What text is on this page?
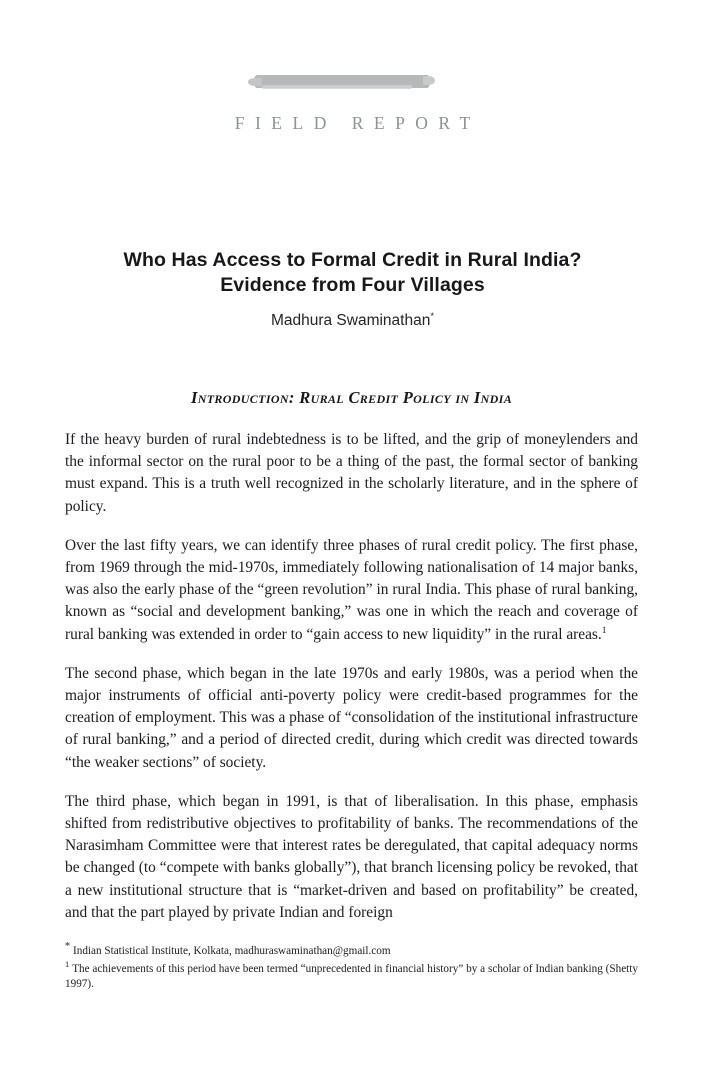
FIELD REPORT
Who Has Access to Formal Credit in Rural India?
Evidence from Four Villages
Madhura Swaminathan*
Introduction: Rural Credit Policy in India

If the heavy burden of rural indebtedness is to be lifted, and the grip of moneylenders and the informal sector on the rural poor to be a thing of the past, the formal sector of banking must expand. This is a truth well recognized in the scholarly literature, and in the sphere of policy.

Over the last fifty years, we can identify three phases of rural credit policy. The first phase, from 1969 through the mid-1970s, immediately following nationalisation of 14 major banks, was also the early phase of the “green revolution” in rural India. This phase of rural banking, known as “social and development banking,” was one in which the reach and coverage of rural banking was extended in order to “gain access to new liquidity” in the rural areas.$^1$

The second phase, which began in the late 1970s and early 1980s, was a period when the major instruments of official anti-poverty policy were credit-based programmes for the creation of employment. This was a phase of “consolidation of the institutional infrastructure of rural banking,” and a period of directed credit, during which credit was directed towards “the weaker sections” of society.

The third phase, which began in 1991, is that of liberalisation. In this phase, emphasis shifted from redistributive objectives to profitability of banks. The recommendations of the Narasimham Committee were that interest rates be deregulated, that capital adequacy norms be changed (to “compete with banks globally”), that branch licensing policy be revoked, that a new institutional structure that is “market-driven and based on profitability” be created, and that the part played by private Indian and foreign

* Indian Statistical Institute, Kolkata, madhuraswaminathan@gmail.com

$^1$ The achievements of this period have been termed “unprecedented in financial history” by a scholar of Indian banking (Shetty 1997).
